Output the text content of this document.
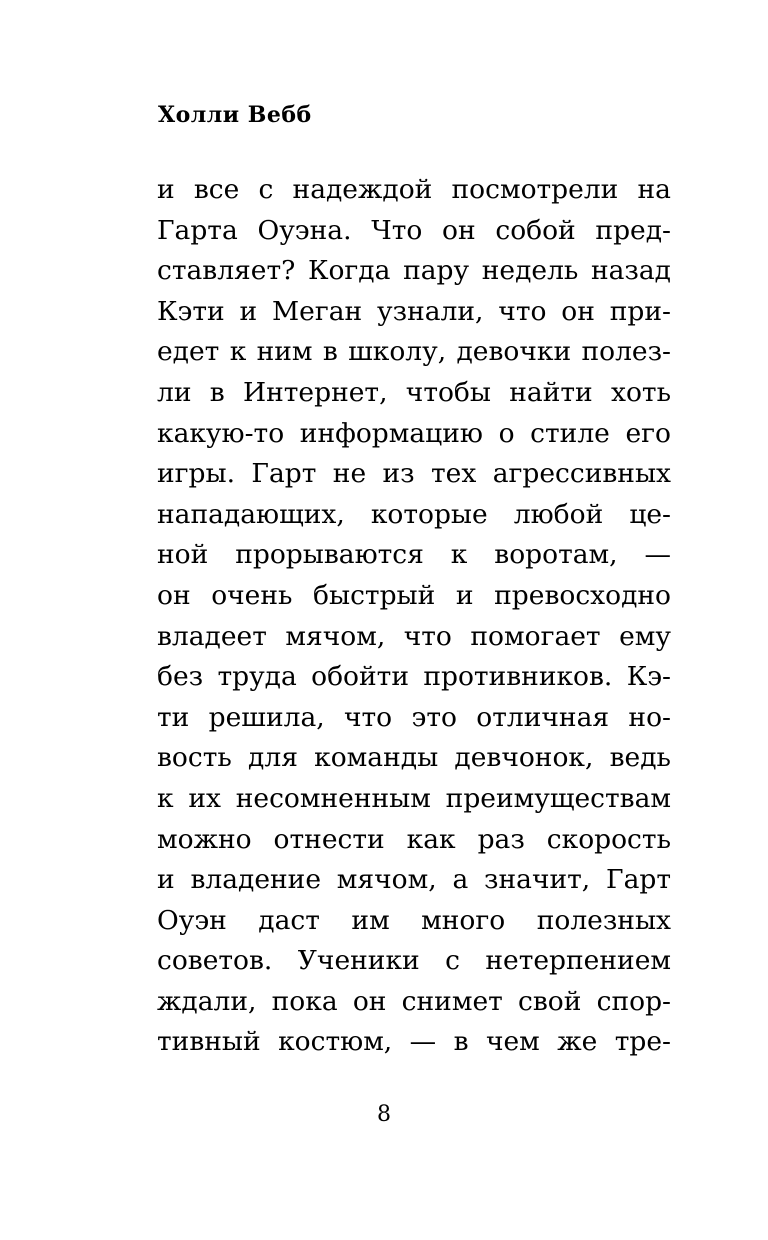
Холли Вебб
и все с надеждой посмотрели на
Гарта Оуэна. Что он собой пред-
ставляет? Когда пару недель назад
Кэти и Меган узнали, что он при-
едет к ним в школу, девочки полез-
ли в Интернет, чтобы найти хоть
какую-то информацию о стиле его
игры. Гарт не из тех агрессивных
нападающих, которые любой це-
ной прорываются к воротам, —
он очень быстрый и превосходно
владеет мячом, что помогает ему
без труда обойти противников. Кэ-
ти решила, что это отличная но-
вость для команды девчонок, ведь
к их несомненным преимуществам
можно отнести как раз скорость
и владение мячом, а значит, Гарт
Оуэн даст им много полезных
советов. Ученики с нетерпением
ждали, пока он снимет свой спор-
тивный костюм, — в чем же тре-
8
